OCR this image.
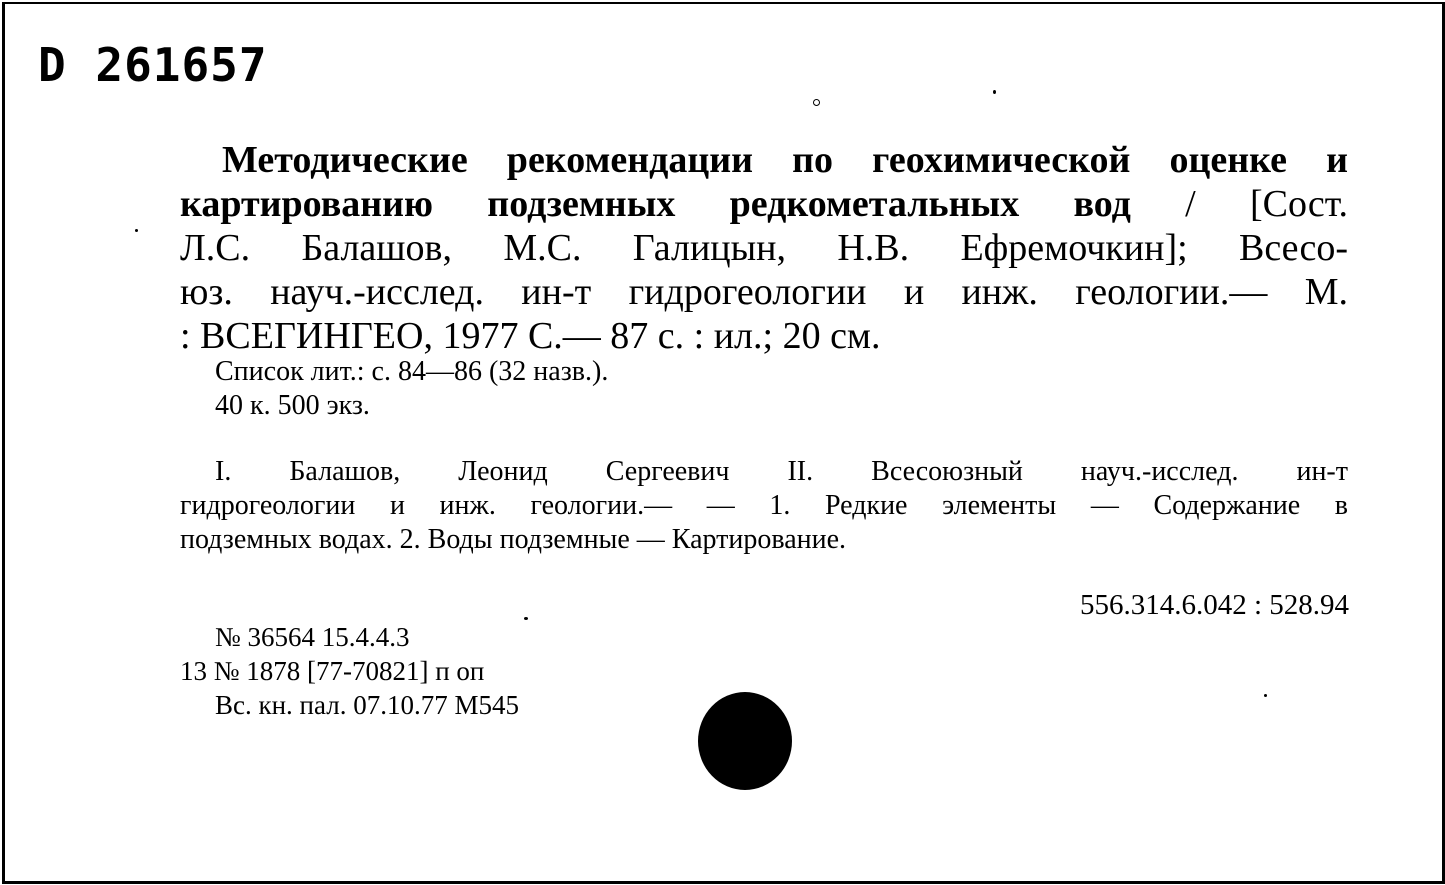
D 261657
Методические рекомендации по геохимической оценке и
картированию подземных редкометальных вод / [Сост.
Л.С. Балашов, М.С. Галицын, Н.В. Ефремочкин]; Всесо-
юз. науч.-исслед. ин-т гидрогеологии и инж. геологии.— М.
: ВСЕГИНГЕО, 1977 С.— 87 с. : ил.; 20 см.
Список лит.: с. 84—86 (32 назв.).
40 к. 500 экз.
I. Балашов, Леонид Сергеевич II. Всесоюзный науч.-исслед. ин-т
гидрогеологии и инж. геологии.— — 1. Редкие элементы — Содержание в
подземных водах. 2. Воды подземные — Картирование.
556.314.6.042 : 528.94
№ 36564 15.4.4.3
13 № 1878 [77-70821] п оп
Вс. кн. пал. 07.10.77 М545
